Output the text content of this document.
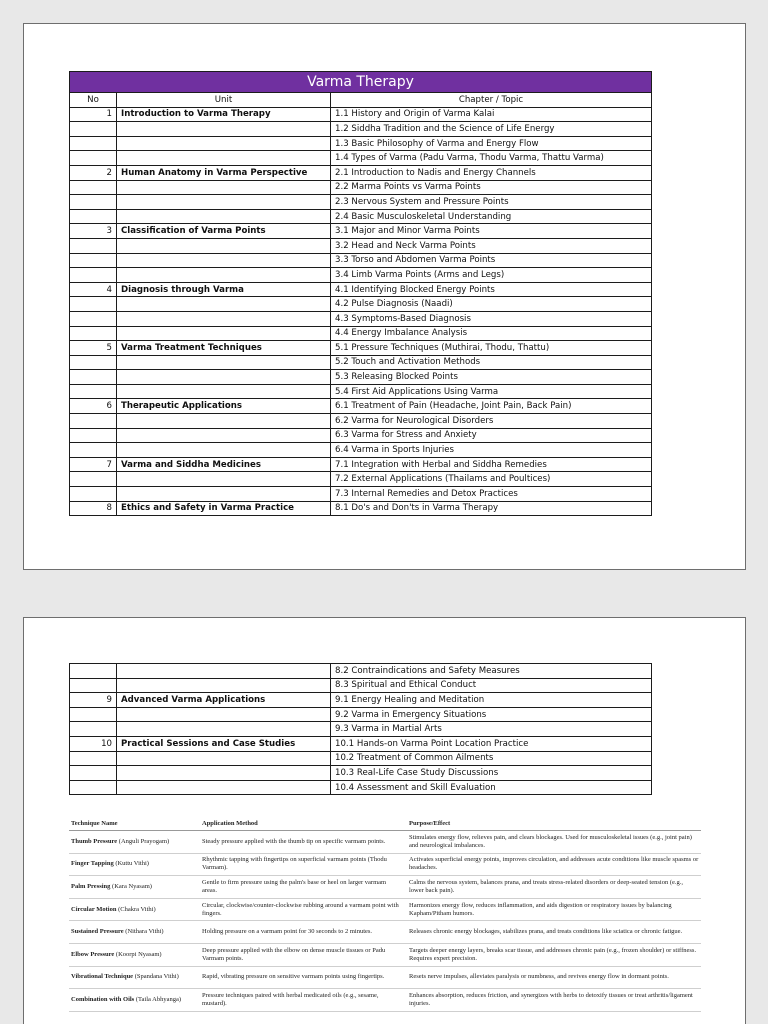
Varma Therapy		
No	Unit	Chapter / Topic
1	Introduction to Varma Therapy	1.1 History and Origin of Varma Kalai
		1.2 Siddha Tradition and the Science of Life Energy
		1.3 Basic Philosophy of Varma and Energy Flow
		1.4 Types of Varma (Padu Varma, Thodu Varma, Thattu Varma)
2	Human Anatomy in Varma Perspective	2.1 Introduction to Nadis and Energy Channels
		2.2 Marma Points vs Varma Points
		2.3 Nervous System and Pressure Points
		2.4 Basic Musculoskeletal Understanding
3	Classification of Varma Points	3.1 Major and Minor Varma Points
		3.2 Head and Neck Varma Points
		3.3 Torso and Abdomen Varma Points
		3.4 Limb Varma Points (Arms and Legs)
4	Diagnosis through Varma	4.1 Identifying Blocked Energy Points
		4.2 Pulse Diagnosis (Naadi)
		4.3 Symptoms-Based Diagnosis
		4.4 Energy Imbalance Analysis
5	Varma Treatment Techniques	5.1 Pressure Techniques (Muthirai, Thodu, Thattu)
		5.2 Touch and Activation Methods
		5.3 Releasing Blocked Points
		5.4 First Aid Applications Using Varma
6	Therapeutic Applications	6.1 Treatment of Pain (Headache, Joint Pain, Back Pain)
		6.2 Varma for Neurological Disorders
		6.3 Varma for Stress and Anxiety
		6.4 Varma in Sports Injuries
7	Varma and Siddha Medicines	7.1 Integration with Herbal and Siddha Remedies
		7.2 External Applications (Thailams and Poultices)
		7.3 Internal Remedies and Detox Practices
8	Ethics and Safety in Varma Practice	8.1 Do's and Don'ts in Varma Therapy
		8.2 Contraindications and Safety Measures
		8.3 Spiritual and Ethical Conduct
9	Advanced Varma Applications	9.1 Energy Healing and Meditation
		9.2 Varma in Emergency Situations
		9.3 Varma in Martial Arts
10	Practical Sessions and Case Studies	10.1 Hands-on Varma Point Location Practice
		10.2 Treatment of Common Ailments
		10.3 Real-Life Case Study Discussions
		10.4 Assessment and Skill Evaluation
Technique Name	Application Method	Purpose/Effect
Thumb Pressure (Anguli Prayogam)	Steady pressure applied with the thumb tip on specific varmam points.	Stimulates energy flow, relieves pain, and clears blockages. Used for musculoskeletal issues (e.g., joint pain) and neurological imbalances.
Finger Tapping (Kuttu Vithi)	Rhythmic tapping with fingertips on superficial varmam points (Thodu Varmam).	Activates superficial energy points, improves circulation, and addresses acute conditions like muscle spasms or headaches.
Palm Pressing (Kara Nyasam)	Gentle to firm pressure using the palm's base or heel on larger varmam areas.	Calms the nervous system, balances prana, and treats stress-related disorders or deep-seated tension (e.g., lower back pain).
Circular Motion (Chakra Vithi)	Circular, clockwise/counter-clockwise rubbing around a varmam point with fingers.	Harmonizes energy flow, reduces inflammation, and aids digestion or respiratory issues by balancing Kapham/Pitham humors.
Sustained Pressure (Nithara Vithi)	Holding pressure on a varmam point for 30 seconds to 2 minutes.	Releases chronic energy blockages, stabilizes prana, and treats conditions like sciatica or chronic fatigue.
Elbow Pressure (Koorpi Nyasam)	Deep pressure applied with the elbow on dense muscle tissues or Padu Varmam points.	Targets deeper energy layers, breaks scar tissue, and addresses chronic pain (e.g., frozen shoulder) or stiffness. Requires expert precision.
Vibrational Technique (Spandana Vithi)	Rapid, vibrating pressure on sensitive varmam points using fingertips.	Resets nerve impulses, alleviates paralysis or numbness, and revives energy flow in dormant points.
Combination with Oils (Taila Abhyanga)	Pressure techniques paired with herbal medicated oils (e.g., sesame, mustard).	Enhances absorption, reduces friction, and synergizes with herbs to detoxify tissues or treat arthritis/ligament injuries.
